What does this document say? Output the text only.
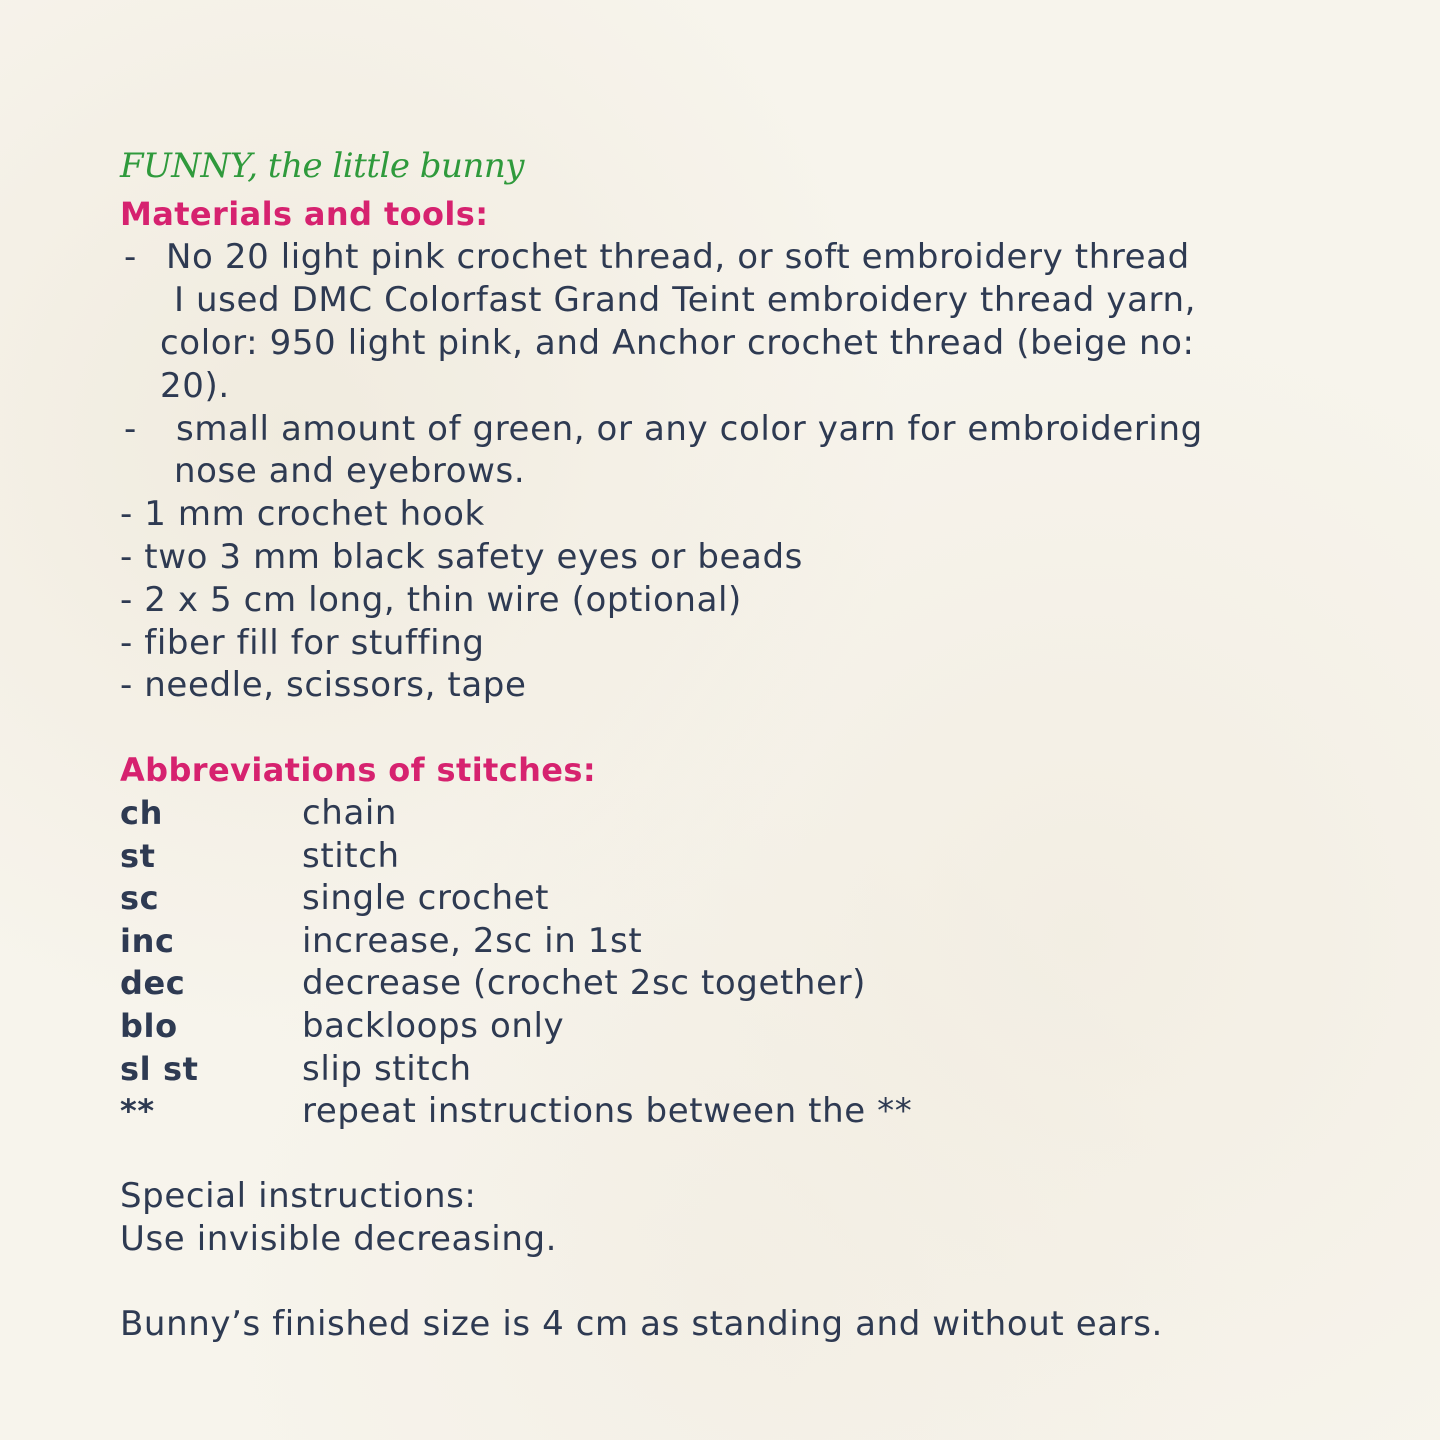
FUNNY, the little bunny
Materials and tools:
- No 20 light pink crochet thread, or soft embroidery thread
I used DMC Colorfast Grand Teint embroidery thread yarn,
color: 950 light pink, and Anchor crochet thread (beige no:
20).
- small amount of green, or any color yarn for embroidering
nose and eyebrows.
- 1 mm crochet hook
- two 3 mm black safety eyes or beads
- 2 x 5 cm long, thin wire (optional)
- fiber fill for stuffing
- needle, scissors, tape
Abbreviations of stitches:
ch	chain
st	stitch
sc	single crochet
inc	increase, 2sc in 1st
dec	decrease (crochet 2sc together)
blo	backloops only
sl st	slip stitch
**	repeat instructions between the **
Special instructions:
Use invisible decreasing.
Bunny’s finished size is 4 cm as standing and without ears.
